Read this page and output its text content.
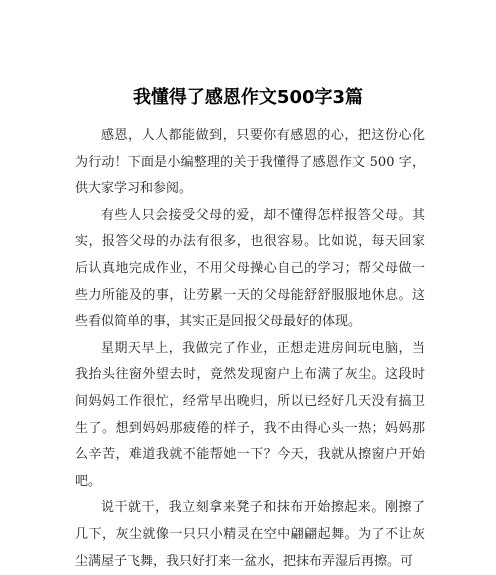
我懂得了感恩作文500字3篇

感恩，人人都能做到，只要你有感恩的心，把这份心化为行动！下面是小编整理的关于我懂得了感恩作文 500 字，供大家学习和参阅。

有些人只会接受父母的爱，却不懂得怎样报答父母。其实，报答父母的办法有很多，也很容易。比如说，每天回家后认真地完成作业，不用父母操心自己的学习；帮父母做一些力所能及的事，让劳累一天的父母能舒舒服服地休息。这些看似简单的事，其实正是回报父母最好的体现。

星期天早上，我做完了作业，正想走进房间玩电脑，当我抬头往窗外望去时，竟然发现窗户上布满了灰尘。这段时间妈妈工作很忙，经常早出晚归，所以已经好几天没有搞卫生了。想到妈妈那疲倦的样子，我不由得心头一热；妈妈那么辛苦，难道我就不能帮她一下？今天，我就从擦窗户开始吧。

说干就干，我立刻拿来凳子和抹布开始擦起来。刚擦了几下，灰尘就像一只只小精灵在空中翩翩起舞。为了不让灰尘满屋子飞舞，我只好打来一盆水，把抹布弄湿后再擦。可
